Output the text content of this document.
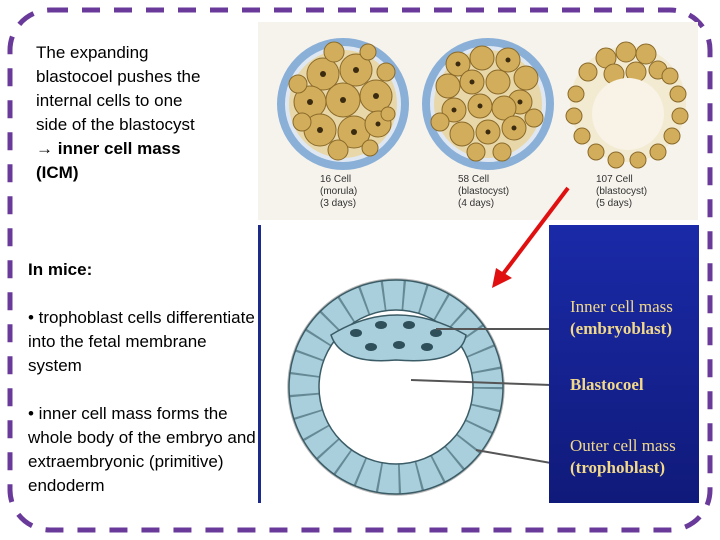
The expanding
blastocoel pushes the
internal cells to one
side of the blastocyst
→ inner cell mass
(ICM)

In mice:

• trophoblast cells differentiate into the fetal membrane system

• inner cell mass forms the whole body of the embryo and extraembryonic (primitive) endoderm

16 Cell
(morula)
(3 days)
58 Cell
(blastocyst)
(4 days)
107 Cell
(blastocyst)
(5 days)
Inner cell mass
(embryoblast)
Blastocoel
Outer cell mass
(trophoblast)
